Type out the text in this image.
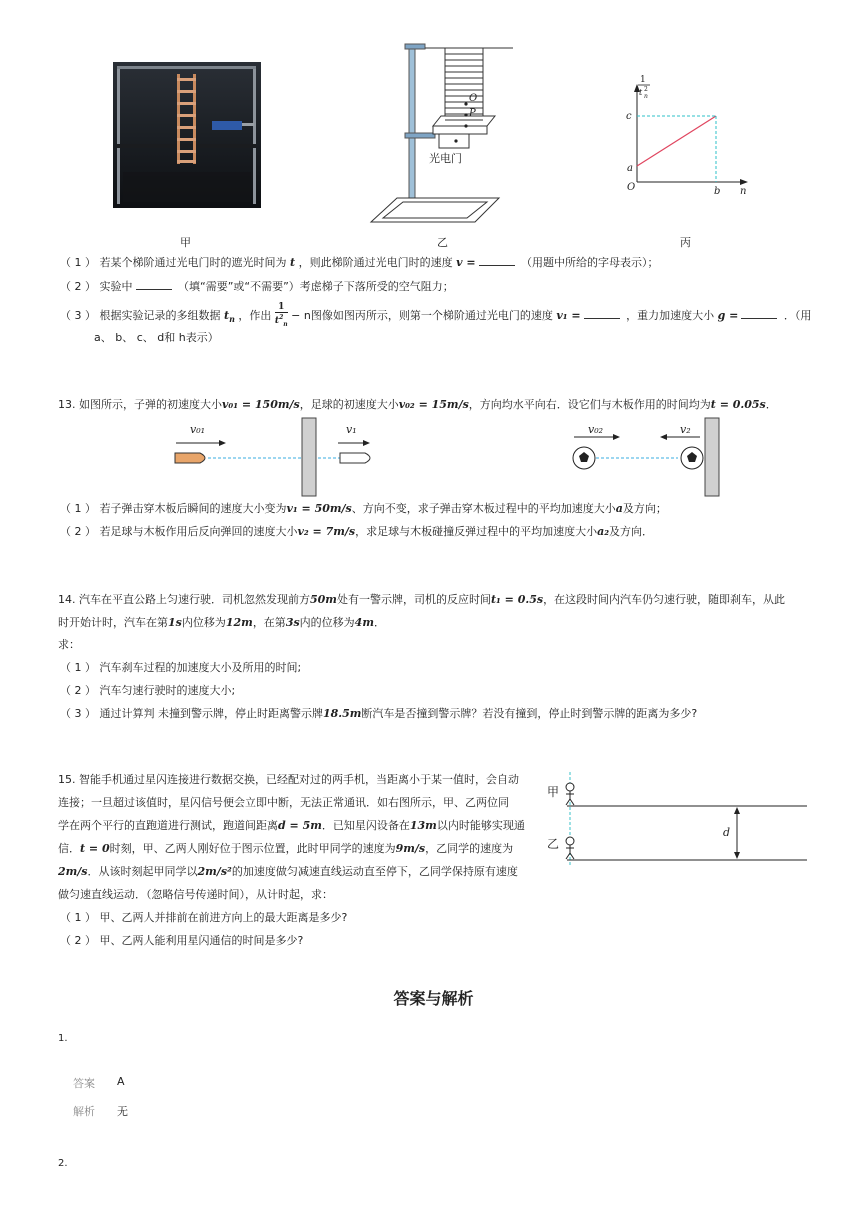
O
P
光电门
c
a
O	b n
1
t 2
n
甲	乙	丙
（ 1 ） 若某个梯阶通过光电门时的遮光时间为 t ，则此梯阶通过光电门时的速度 v =	（用题中所给的字母表示）；
（ 2 ） 实验中	（填“需要”或“不需要”）考虑梯子下落所受的空气阻力；
（ 3 ） 根据实验记录的多组数据 $t_n$ ，作出 $\frac{1}{t^2_n} - n$图像如图丙所示，则第一个梯阶通过光电门的速度 v₁ =	，重力加速度大小 g =	．（用
a、 b、 c、 d和 h表示）
13. 如图所示，子弹的初速度大小v₀₁ = 150m/s，足球的初速度大小v₀₂ = 15m/s，方向均水平向右．设它们与木板作用的时间均为t = 0.05s．
v₀₁	v₁	v₀₂	v₂
（ 1 ） 若子弹击穿木板后瞬间的速度大小变为v₁ = 50m/s、方向不变，求子弹击穿木板过程中的平均加速度大小a及方向；
（ 2 ） 若足球与木板作用后反向弹回的速度大小v₂ = 7m/s，求足球与木板碰撞反弹过程中的平均加速度大小a₂及方向．
14. 汽车在平直公路上匀速行驶．司机忽然发现前方50m处有一警示牌，司机的反应时间t₁ = 0.5s，在这段时间内汽车仍匀速行驶，随即刹车，从此
时开始计时，汽车在第1s内位移为12m，在第3s内的位移为4m．
求：
（ 1 ） 汽车刹车过程的加速度大小及所用的时间;
（ 2 ） 汽车匀速行驶时的速度大小;
（ 3 ） 通过计算判 未撞到警示牌，停止时距离警示牌18.5m断汽车是否撞到警示牌？若没有撞到，停止时到警示牌的距离为多少?
15. 智能手机通过星闪连接进行数据交换，已经配对过的两手机，当距离小于某一值时，会自动
连接；一旦超过该值时，星闪信号便会立即中断，无法正常通讯．如右图所示，甲、乙两位同
学在两个平行的直跑道进行测试，跑道间距离d = 5m．已知星闪设备在13m以内时能够实现通
信．t = 0时刻，甲、乙两人刚好位于图示位置，此时甲同学的速度为9m/s，乙同学的速度为
2m/s．从该时刻起甲同学以2m/s²的加速度做匀减速直线运动直至停下，乙同学保持原有速度
做匀速直线运动．（忽略信号传递时间），从计时起，求：
（ 1 ） 甲、乙两人并排前在前进方向上的最大距离是多少?
（ 2 ） 甲、乙两人能利用星闪通信的时间是多少?
甲
乙
d
答案与解析
1.
答案 A
解析 无
2.
